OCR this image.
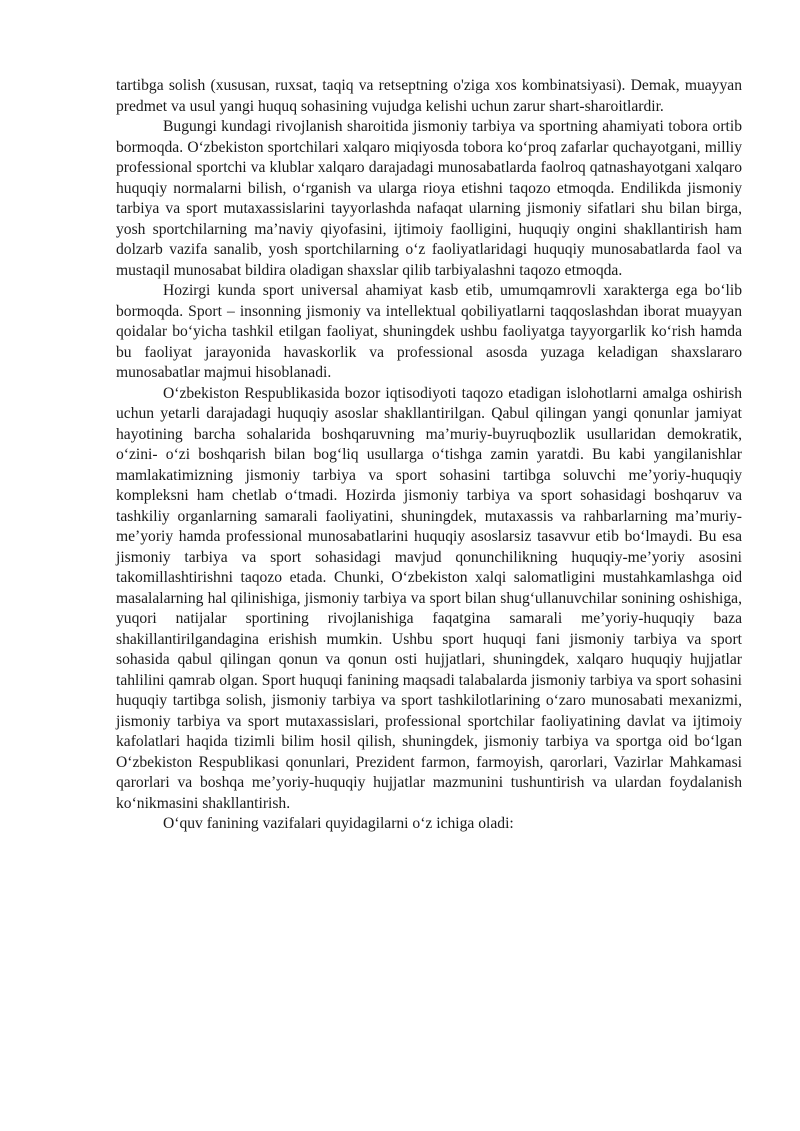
tartibga solish (xususan, ruxsat, taqiq va retseptning o'ziga xos kombinatsiyasi). Demak, muayyan predmet va usul yangi huquq sohasining vujudga kelishi uchun zarur shart-sharoitlardir.

Bugungi kundagi rivojlanish sharoitida jismoniy tarbiya va sportning ahamiyati tobora ortib bormoqda. O‘zbekiston sportchilari xalqaro miqiyosda tobora ko‘proq zafarlar quchayotgani, milliy professional sportchi va klublar xalqaro darajadagi munosabatlarda faolroq qatnashayotgani xalqaro huquqiy normalarni bilish, o‘rganish va ularga rioya etishni taqozo etmoqda. Endilikda jismoniy tarbiya va sport mutaxassislarini tayyorlashda nafaqat ularning jismoniy sifatlari shu bilan birga, yosh sportchilarning ma’naviy qiyofasini, ijtimoiy faolligini, huquqiy ongini shakllantirish ham dolzarb vazifa sanalib, yosh sportchilarning o‘z faoliyatlaridagi huquqiy munosabatlarda faol va mustaqil munosabat bildira oladigan shaxslar qilib tarbiyalashni taqozo etmoqda.

Hozirgi kunda sport universal ahamiyat kasb etib, umumqamrovli xarakterga ega bo‘lib bormoqda. Sport – insonning jismoniy va intellektual qobiliyatlarni taqqoslashdan iborat muayyan qoidalar bo‘yicha tashkil etilgan faoliyat, shuningdek ushbu faoliyatga tayyorgarlik ko‘rish hamda bu faoliyat jarayonida havaskorlik va professional asosda yuzaga keladigan shaxslararo munosabatlar majmui hisoblanadi.

O‘zbekiston Respublikasida bozor iqtisodiyoti taqozo etadigan islohotlarni amalga oshirish uchun yetarli darajadagi huquqiy asoslar shakllantirilgan. Qabul qilingan yangi qonunlar jamiyat hayotining barcha sohalarida boshqaruvning ma’muriy-buyruqbozlik usullaridan demokratik, o‘zini- o‘zi boshqarish bilan bog‘liq usullarga o‘tishga zamin yaratdi. Bu kabi yangilanishlar mamlakatimizning jismoniy tarbiya va sport sohasini tartibga soluvchi me’yoriy-huquqiy kompleksni ham chetlab o‘tmadi. Hozirda jismoniy tarbiya va sport sohasidagi boshqaruv va tashkiliy organlarning samarali faoliyatini, shuningdek, mutaxassis va rahbarlarning ma’muriy-me’yoriy hamda professional munosabatlarini huquqiy asoslarsiz tasavvur etib bo‘lmaydi. Bu esa jismoniy tarbiya va sport sohasidagi mavjud qonunchilikning huquqiy-me’yoriy asosini takomillashtirishni taqozo etada. Chunki, O‘zbekiston xalqi salomatligini mustahkamlashga oid masalalarning hal qilinishiga, jismoniy tarbiya va sport bilan shug‘ullanuvchilar sonining oshishiga, yuqori natijalar sportining rivojlanishiga faqatgina samarali me’yoriy-huquqiy baza shakillantirilgandagina erishish mumkin. Ushbu sport huquqi fani jismoniy tarbiya va sport sohasida qabul qilingan qonun va qonun osti hujjatlari, shuningdek, xalqaro huquqiy hujjatlar tahlilini qamrab olgan. Sport huquqi fanining maqsadi talabalarda jismoniy tarbiya va sport sohasini huquqiy tartibga solish, jismoniy tarbiya va sport tashkilotlarining o‘zaro munosabati mexanizmi, jismoniy tarbiya va sport mutaxassislari, professional sportchilar faoliyatining davlat va ijtimoiy kafolatlari haqida tizimli bilim hosil qilish, shuningdek, jismoniy tarbiya va sportga oid bo‘lgan O‘zbekiston Respublikasi qonunlari, Prezident farmon, farmoyish, qarorlari, Vazirlar Mahkamasi qarorlari va boshqa me’yoriy-huquqiy hujjatlar mazmunini tushuntirish va ulardan foydalanish ko‘nikmasini shakllantirish.

O‘quv fanining vazifalari quyidagilarni o‘z ichiga oladi:
